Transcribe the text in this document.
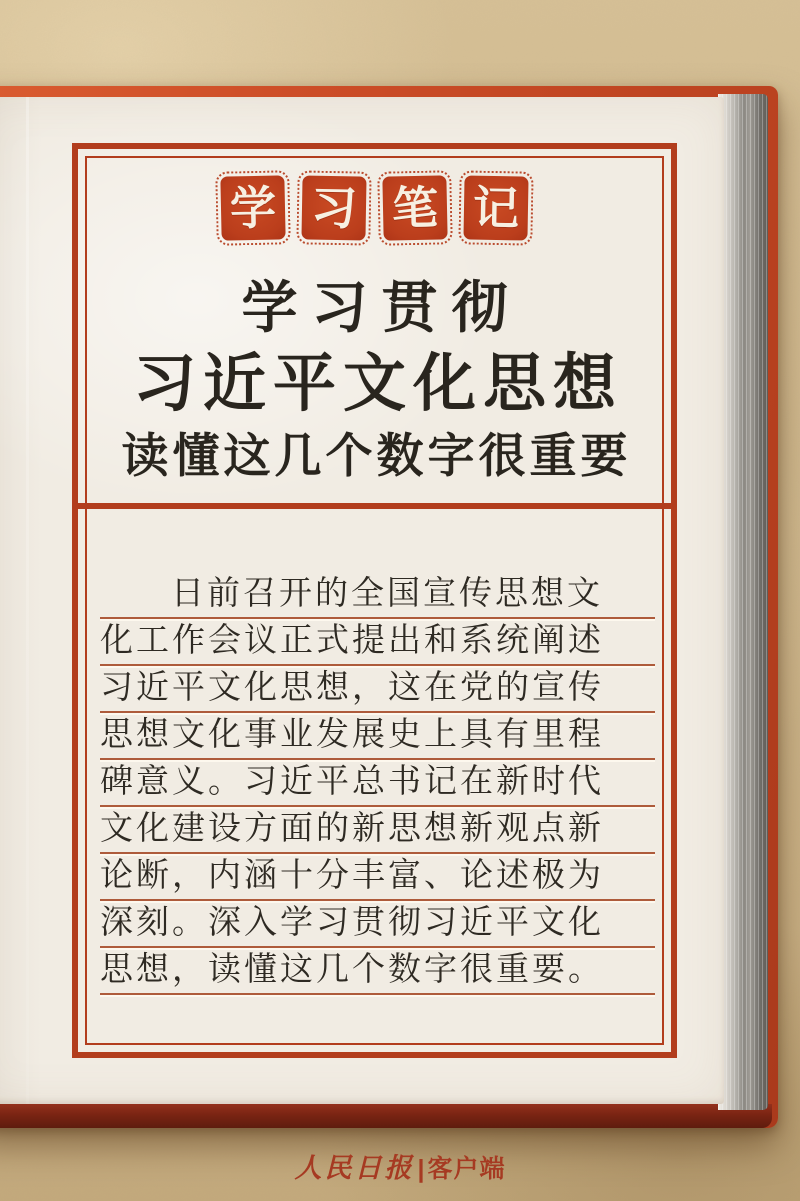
学 习 笔 记
学习贯彻
习近平文化思想
读懂这几个数字很重要
日前召开的全国宣传思想文
化工作会议正式提出和系统阐述
习近平文化思想，这在党的宣传
思想文化事业发展史上具有里程
碑意义。习近平总书记在新时代
文化建设方面的新思想新观点新
论断，内涵十分丰富、论述极为
深刻。深入学习贯彻习近平文化
思想，读懂这几个数字很重要。
人民日报 | 客户端
